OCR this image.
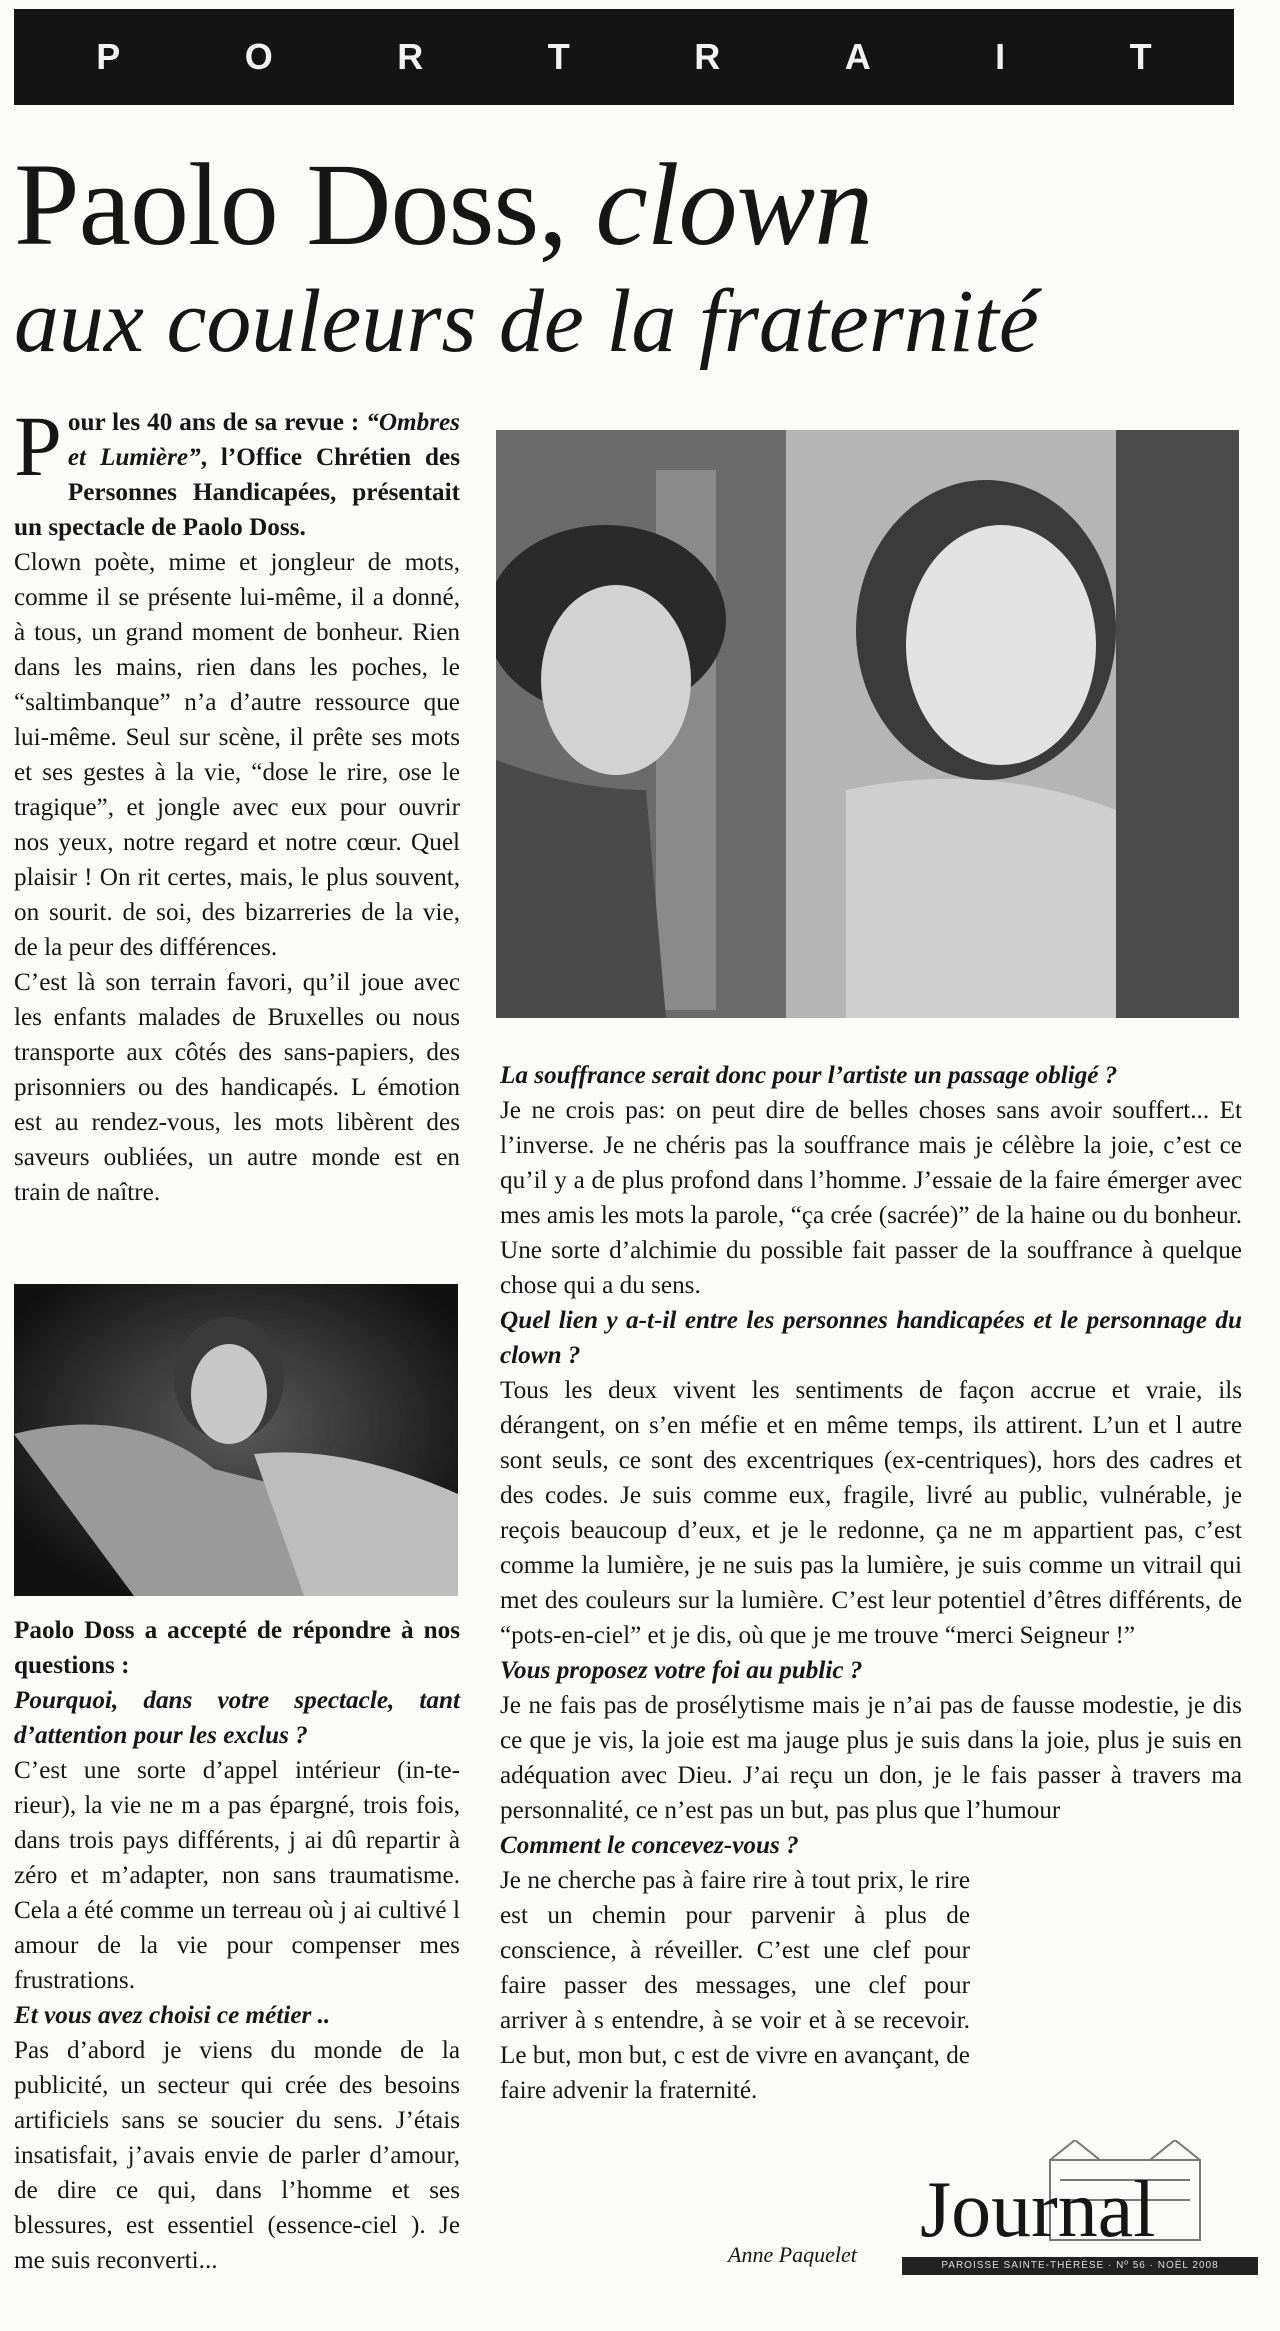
P	O	R	T	R	A	I	T
Paolo Doss, clown
aux couleurs de la fraternité

Pour les 40 ans de sa revue : “Ombres et Lumière”, l’Office Chrétien des Personnes Handicapées, présentait un spectacle de Paolo Doss.

Clown poète, mime et jongleur de mots, comme il se présente lui-même, il a donné, à tous, un grand moment de bonheur. Rien dans les mains, rien dans les poches, le “saltimbanque” n’a d’autre ressource que lui-même. Seul sur scène, il prête ses mots et ses gestes à la vie, “dose le rire, ose le tragique”, et jongle avec eux pour ouvrir nos yeux, notre regard et notre cœur. Quel plaisir ! On rit certes, mais, le plus souvent, on sourit. de soi, des bizarreries de la vie, de la peur des différences.

C’est là son terrain favori, qu’il joue avec les enfants malades de Bruxelles ou nous transporte aux côtés des sans-papiers, des prisonniers ou des handicapés. L émotion est au rendez-vous, les mots libèrent des saveurs oubliées, un autre monde est en train de naître.

Paolo Doss a accepté de répondre à nos questions :

Pourquoi, dans votre spectacle, tant d’attention pour les exclus ?

C’est une sorte d’appel intérieur (in-te-rieur), la vie ne m a pas épargné, trois fois, dans trois pays différents, j ai dû repartir à zéro et m’adapter, non sans traumatisme. Cela a été comme un terreau où j ai cultivé l amour de la vie pour compenser mes frustrations.

Et vous avez choisi ce métier ..

Pas d’abord je viens du monde de la publicité, un secteur qui crée des besoins artificiels sans se soucier du sens. J’étais insatisfait, j’avais envie de parler d’amour, de dire ce qui, dans l’homme et ses blessures, est essentiel (essence-ciel ). Je me suis reconverti...

La souffrance serait donc pour l’artiste un passage obligé ?

Je ne crois pas: on peut dire de belles choses sans avoir souffert... Et l’inverse. Je ne chéris pas la souffrance mais je célèbre la joie, c’est ce qu’il y a de plus profond dans l’homme. J’essaie de la faire émerger avec mes amis les mots la parole, “ça crée (sacrée)” de la haine ou du bonheur. Une sorte d’alchimie du possible fait passer de la souffrance à quelque chose qui a du sens.

Quel lien y a-t-il entre les personnes handicapées et le personnage du clown ?

Tous les deux vivent les sentiments de façon accrue et vraie, ils dérangent, on s’en méfie et en même temps, ils attirent. L’un et l autre sont seuls, ce sont des excentriques (ex-centriques), hors des cadres et des codes. Je suis comme eux, fragile, livré au public, vulnérable, je reçois beaucoup d’eux, et je le redonne, ça ne m appartient pas, c’est comme la lumière, je ne suis pas la lumière, je suis comme un vitrail qui met des couleurs sur la lumière. C’est leur potentiel d’êtres différents, de “pots-en-ciel” et je dis, où que je me trouve “merci Seigneur !”

Vous proposez votre foi au public ?

Je ne fais pas de prosélytisme mais je n’ai pas de fausse modestie, je dis ce que je vis, la joie est ma jauge plus je suis dans la joie, plus je suis en adéquation avec Dieu. J’ai reçu un don, je le fais passer à travers ma personnalité, ce n’est pas un but, pas plus que l’humour

Comment le concevez-vous ?

Je ne cherche pas à faire rire à tout prix, le rire est un chemin pour parvenir à plus de conscience, à réveiller. C’est une clef pour faire passer des messages, une clef pour arriver à s entendre, à se voir et à se recevoir. Le but, mon but, c est de vivre en avançant, de faire advenir la fraternité.

Anne Paquelet
Journal
PAROISSE SAINTE-THÉRÈSE · Nº 56 · NOËL 2008
